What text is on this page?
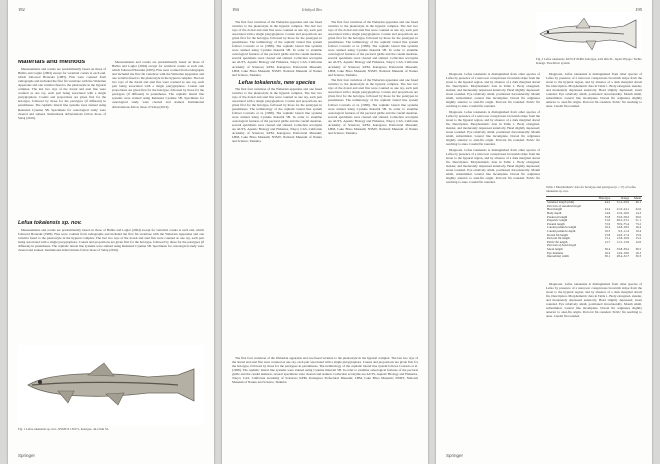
192
Materials and methods

Measurements and counts are predominantly based on those of Hubbs and Lagler (2004) except for vertebral counts at each end, which followed Hotaraki (1983). Fins were counted from radiographs and included the first fin vertebrae with the Weberian Apparatus and one vertebra fused to the pleurostyle in the hypural complex. The last two rays of the dorsal and anal fins were counted as one ray, each pair being associated with a single pterygiophore. Counts and proportions are given first for the holotype, followed by those for the paratypes (if different) in parentheses. The cephalic lateral line systems were stained using Rennsted Cyanine 5B. Specimens for osteological study were cleared and stained. Institutional abbreviations follow those of Sabaj (2016).

Measurements and counts are predominantly based on those of Hubbs and Lagler (2004) except for vertebral counts at each end, which followed Hotaraki (1983). Fins were counted from radiographs and included the first fin vertebrae with the Weberian Apparatus and one vertebra fused to the pleurostyle in the hypural complex. The last two rays of the dorsal and anal fins were counted as one ray, each pair being associated with a single pterygiophore. Counts and proportions are given first for the holotype, followed by those for the paratypes (if different) in parentheses. The cephalic lateral line systems were stained using Rennsted Cyanine 5B. Specimens for osteological study were cleared and stained. Institutional abbreviations follow those of Sabaj (2016).

Lefua tokaiensis sp. nov.

Measurements and counts are predominantly based on those of Hubbs and Lagler (2004) except for vertebral counts at each end, which followed Hotaraki (1983). Fins were counted from radiographs and included the first fin vertebrae with the Weberian Apparatus and one vertebra fused to the pleurostyle in the hypural complex. The last two rays of the dorsal and anal fins were counted as one ray, each pair being associated with a single pterygiophore. Counts and proportions are given first for the holotype, followed by those for the paratypes (if different) in parentheses. The cephalic lateral line systems were stained using Rennsted Cyanine 5B. Specimens for osteological study were cleared and stained. Institutional abbreviations follow those of Sabaj (2016).

Fig. 1 Lefua tokaiensis sp. nov., NSMT-P 131671, holotype, 44.2 mm SL.
Springer
194	Ichthyol Res

The first four vertebrae of the Weberian apparatus and one fused vertebra to the pleurostyle in the hypural complex. The last two rays of the dorsal and anal fins were counted as one ray, each pair associated with a single pterygiophore. Counts and proportions are given first for the holotype, followed by those for the paratypes in parentheses. The terminology of the cephalic lateral line system follows Conrado et al. (1998). The cephalic lateral line systems were stained using Cyanine material 5B. In order to examine osteological features of the pectoral girdle and the caudal skeleton, several specimens were cleared and stained. Collection acronyms are AUTS, Aquatic Biology and Fisheries, Tokyo; CAS, California Academy of Sciences; KPM, Kanagawa Prefectural Museum; LBM, Lake Biwa Museum; NSMT, National Museum of Nature and Science, Tsukuba.

Lefua tokaiensis, new species

The first four vertebrae of the Weberian apparatus and one fused vertebra to the pleurostyle in the hypural complex. The last two rays of the dorsal and anal fins were counted as one ray, each pair associated with a single pterygiophore. Counts and proportions are given first for the holotype, followed by those for the paratypes in parentheses. The terminology of the cephalic lateral line system follows Conrado et al. (1998). The cephalic lateral line systems were stained using Cyanine material 5B. In order to examine osteological features of the pectoral girdle and the caudal skeleton, several specimens were cleared and stained. Collection acronyms are AUTS, Aquatic Biology and Fisheries, Tokyo; CAS, California Academy of Sciences; KPM, Kanagawa Prefectural Museum; LBM, Lake Biwa Museum; NSMT, National Museum of Nature and Science, Tsukuba.

The first four vertebrae of the Weberian apparatus and one fused vertebra to the pleurostyle in the hypural complex. The last two rays of the dorsal and anal fins were counted as one ray, each pair associated with a single pterygiophore. Counts and proportions are given first for the holotype, followed by those for the paratypes in parentheses. The terminology of the cephalic lateral line system follows Conrado et al. (1998). The cephalic lateral line systems were stained using Cyanine material 5B. In order to examine osteological features of the pectoral girdle and the caudal skeleton, several specimens were cleared and stained. Collection acronyms are AUTS, Aquatic Biology and Fisheries, Tokyo; CAS, California Academy of Sciences; KPM, Kanagawa Prefectural Museum; LBM, Lake Biwa Museum; NSMT, National Museum of Nature and Science, Tsukuba.

The first four vertebrae of the Weberian apparatus and one fused vertebra to the pleurostyle in the hypural complex. The last two rays of the dorsal and anal fins were counted as one ray, each pair associated with a single pterygiophore. Counts and proportions are given first for the holotype, followed by those for the paratypes in parentheses. The terminology of the cephalic lateral line system follows Conrado et al. (1998). The cephalic lateral line systems were stained using Cyanine material 5B. In order to examine osteological features of the pectoral girdle and the caudal skeleton, several specimens were cleared and stained. Collection acronyms are AUTS, Aquatic Biology and Fisheries, Tokyo; CAS, California Academy of Sciences; KPM, Kanagawa Prefectural Museum; LBM, Lake Biwa Museum; NSMT, National Museum of Nature and Science, Tsukuba.

The first four vertebrae of the Weberian apparatus and one fused vertebra to the pleurostyle in the hypural complex. The last two rays of the dorsal and anal fins were counted as one ray, each pair associated with a single pterygiophore. Counts and proportions are given first for the holotype, followed by those for the paratypes in parentheses. The terminology of the cephalic lateral line system follows Conrado et al. (1998). The cephalic lateral line systems were stained using Cyanine material 5B. In order to examine osteological features of the pectoral girdle and the caudal skeleton, several specimens were cleared and stained. Collection acronyms are AUTS, Aquatic Biology and Fisheries, Tokyo; CAS, California Academy of Sciences; KPM, Kanagawa Prefectural Museum; LBM, Lake Biwa Museum; NSMT, National Museum of Nature and Science, Tsukuba.

195
Fig. 2 Lefua tokaiensis, KUN-P 45406, holotype, 44.9 mm SL, Japan: Hyogo: Tachio Kanagi, Yasu River system.

Diagnosis. Lefua tokaiensis is distinguished from other species of Lefua by presence of a narrower conspicuous brownish stripe from the snout to the hypural region, and by absence of a dark marginal dorsal fin. Description. Morphometric data in Table 1. Body elongated, slender, and moderately depressed anteriorly. Head slightly depressed; snout rounded. Eye relatively small, positioned dorsolaterally. Mouth small, subterminal. Lateral line incomplete. Dorsal fin originates slightly anterior to anal-fin origin. Pectoral fin rounded. Pelvic fin reaching to anus. Caudal fin rounded.

Diagnosis. Lefua tokaiensis is distinguished from other species of Lefua by presence of a narrower conspicuous brownish stripe from the snout to the hypural region, and by absence of a dark marginal dorsal fin. Description. Morphometric data in Table 1. Body elongated, slender, and moderately depressed anteriorly. Head slightly depressed; snout rounded. Eye relatively small, positioned dorsolaterally. Mouth small, subterminal. Lateral line incomplete. Dorsal fin originates slightly anterior to anal-fin origin. Pectoral fin rounded. Pelvic fin reaching to anus. Caudal fin rounded.

Diagnosis. Lefua tokaiensis is distinguished from other species of Lefua by presence of a narrower conspicuous brownish stripe from the snout to the hypural region, and by absence of a dark marginal dorsal fin. Description. Morphometric data in Table 1. Body elongated, slender, and moderately depressed anteriorly. Head slightly depressed; snout rounded. Eye relatively small, positioned dorsolaterally. Mouth small, subterminal. Lateral line incomplete. Dorsal fin originates slightly anterior to anal-fin origin. Pectoral fin rounded. Pelvic fin reaching to anus. Caudal fin rounded.

Diagnosis. Lefua tokaiensis is distinguished from other species of Lefua by presence of a narrower conspicuous brownish stripe from the snout to the hypural region, and by absence of a dark marginal dorsal fin. Description. Morphometric data in Table 1. Body elongated, slender, and moderately depressed anteriorly. Head slightly depressed; snout rounded. Eye relatively small, positioned dorsolaterally. Mouth small, subterminal. Lateral line incomplete. Dorsal fin originates slightly anterior to anal-fin origin. Pectoral fin rounded. Pelvic fin reaching to anus. Caudal fin rounded.

Table 1 Morphometric data for holotype and paratypes (n = 17) of Lefua tokaiensis sp. nov.
	Holotype	Range	Mean
Standard length (mm)	44.2	31.2–50.9	40.1
Percents of standard length			
Head length	22.4	21.0–24.1	22.6
Body depth	14.6	12.9–16.0	14.3
Predorsal length	55.8	53.6–58.2	56.0
Prepelvic length	51.0	49.2–53.1	51.1
Preanal length	72.9	70.9–75.4	73.2
Caudal peduncle length	16.3	14.8–18.2	16.4
Caudal peduncle depth	10.5	9.3–11.4	10.4
Dorsal fin length	15.8	14.0–17.4	15.9
Pectoral fin length	15.1	13.8–16.9	15.2
Pelvic fin length	12.7	11.5–13.6	12.6
Percents of head length			
Snout length	36.4	33.8–39.2	36.5
Eye diameter	16.2	14.9–18.0	16.3
Interorbital width	30.1	28.4–32.7	30.3

Diagnosis. Lefua tokaiensis is distinguished from other species of Lefua by presence of a narrower conspicuous brownish stripe from the snout to the hypural region, and by absence of a dark marginal dorsal fin. Description. Morphometric data in Table 1. Body elongated, slender, and moderately depressed anteriorly. Head slightly depressed; snout rounded. Eye relatively small, positioned dorsolaterally. Mouth small, subterminal. Lateral line incomplete. Dorsal fin originates slightly anterior to anal-fin origin. Pectoral fin rounded. Pelvic fin reaching to anus. Caudal fin rounded.

Springer
